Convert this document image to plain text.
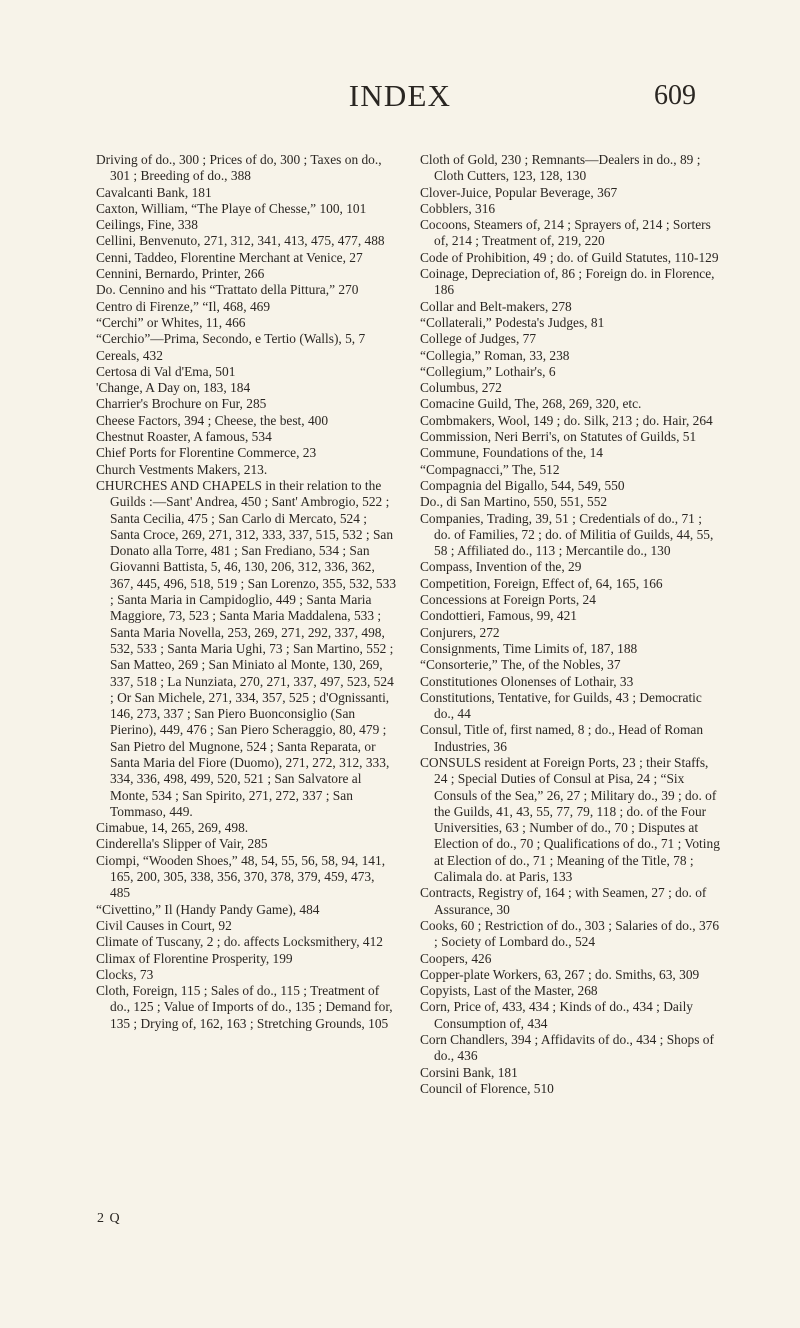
INDEX	609

Driving of do., 300 ; Prices of do, 300 ; Taxes on do., 301 ; Breeding of do., 388

Cavalcanti Bank, 181

Caxton, William, “The Playe of Chesse,” 100, 101

Ceilings, Fine, 338

Cellini, Benvenuto, 271, 312, 341, 413, 475, 477, 488

Cenni, Taddeo, Florentine Merchant at Venice, 27

Cennini, Bernardo, Printer, 266

Do. Cennino and his “Trattato della Pittura,” 270

Centro di Firenze,” “Il, 468, 469

“Cerchi” or Whites, 11, 466

“Cerchio”—Prima, Secondo, e Tertio (Walls), 5, 7

Cereals, 432

Certosa di Val d'Ema, 501

'Change, A Day on, 183, 184

Charrier's Brochure on Fur, 285

Cheese Factors, 394 ; Cheese, the best, 400

Chestnut Roaster, A famous, 534

Chief Ports for Florentine Commerce, 23

Church Vestments Makers, 213.

CHURCHES AND CHAPELS in their relation to the Guilds :—Sant' Andrea, 450 ; Sant' Ambrogio, 522 ; Santa Cecilia, 475 ; San Carlo di Mercato, 524 ; Santa Croce, 269, 271, 312, 333, 337, 515, 532 ; San Donato alla Torre, 481 ; San Frediano, 534 ; San Giovanni Battista, 5, 46, 130, 206, 312, 336, 362, 367, 445, 496, 518, 519 ; San Lorenzo, 355, 532, 533 ; Santa Maria in Campidoglio, 449 ; Santa Maria Maggiore, 73, 523 ; Santa Maria Maddalena, 533 ; Santa Maria Novella, 253, 269, 271, 292, 337, 498, 532, 533 ; Santa Maria Ughi, 73 ; San Martino, 552 ; San Matteo, 269 ; San Miniato al Monte, 130, 269, 337, 518 ; La Nunziata, 270, 271, 337, 497, 523, 524 ; Or San Michele, 271, 334, 357, 525 ; d'Ognissanti, 146, 273, 337 ; San Piero Buonconsiglio (San Pierino), 449, 476 ; San Piero Scheraggio, 80, 479 ; San Pietro del Mugnone, 524 ; Santa Reparata, or Santa Maria del Fiore (Duomo), 271, 272, 312, 333, 334, 336, 498, 499, 520, 521 ; San Salvatore al Monte, 534 ; San Spirito, 271, 272, 337 ; San Tommaso, 449.

Cimabue, 14, 265, 269, 498.

Cinderella's Slipper of Vair, 285

Ciompi, “Wooden Shoes,” 48, 54, 55, 56, 58, 94, 141, 165, 200, 305, 338, 356, 370, 378, 379, 459, 473, 485

“Civettino,” Il (Handy Pandy Game), 484

Civil Causes in Court, 92

Climate of Tuscany, 2 ; do. affects Locksmithery, 412

Climax of Florentine Prosperity, 199

Clocks, 73

Cloth, Foreign, 115 ; Sales of do., 115 ; Treatment of do., 125 ; Value of Imports of do., 135 ; Demand for, 135 ; Drying of, 162, 163 ; Stretching Grounds, 105

Cloth of Gold, 230 ; Remnants—Dealers in do., 89 ; Cloth Cutters, 123, 128, 130

Clover-Juice, Popular Beverage, 367

Cobblers, 316

Cocoons, Steamers of, 214 ; Sprayers of, 214 ; Sorters of, 214 ; Treatment of, 219, 220

Code of Prohibition, 49 ; do. of Guild Statutes, 110-129

Coinage, Depreciation of, 86 ; Foreign do. in Florence, 186

Collar and Belt-makers, 278

“Collaterali,” Podesta's Judges, 81

College of Judges, 77

“Collegia,” Roman, 33, 238

“Collegium,” Lothair's, 6

Columbus, 272

Comacine Guild, The, 268, 269, 320, etc.

Combmakers, Wool, 149 ; do. Silk, 213 ; do. Hair, 264

Commission, Neri Berri's, on Statutes of Guilds, 51

Commune, Foundations of the, 14

“Compagnacci,” The, 512

Compagnia del Bigallo, 544, 549, 550

Do., di San Martino, 550, 551, 552

Companies, Trading, 39, 51 ; Credentials of do., 71 ; do. of Families, 72 ; do. of Militia of Guilds, 44, 55, 58 ; Affiliated do., 113 ; Mercantile do., 130

Compass, Invention of the, 29

Competition, Foreign, Effect of, 64, 165, 166

Concessions at Foreign Ports, 24

Condottieri, Famous, 99, 421

Conjurers, 272

Consignments, Time Limits of, 187, 188

“Consorterie,” The, of the Nobles, 37

Constitutiones Olonenses of Lothair, 33

Constitutions, Tentative, for Guilds, 43 ; Democratic do., 44

Consul, Title of, first named, 8 ; do., Head of Roman Industries, 36

CONSULS resident at Foreign Ports, 23 ; their Staffs, 24 ; Special Duties of Consul at Pisa, 24 ; “Six Consuls of the Sea,” 26, 27 ; Military do., 39 ; do. of the Guilds, 41, 43, 55, 77, 79, 118 ; do. of the Four Universities, 63 ; Number of do., 70 ; Disputes at Election of do., 70 ; Qualifications of do., 71 ; Voting at Election of do., 71 ; Meaning of the Title, 78 ; Calimala do. at Paris, 133

Contracts, Registry of, 164 ; with Seamen, 27 ; do. of Assurance, 30

Cooks, 60 ; Restriction of do., 303 ; Salaries of do., 376 ; Society of Lombard do., 524

Coopers, 426

Copper-plate Workers, 63, 267 ; do. Smiths, 63, 309

Copyists, Last of the Master, 268

Corn, Price of, 433, 434 ; Kinds of do., 434 ; Daily Consumption of, 434

Corn Chandlers, 394 ; Affidavits of do., 434 ; Shops of do., 436

Corsini Bank, 181

Council of Florence, 510

2 Q
